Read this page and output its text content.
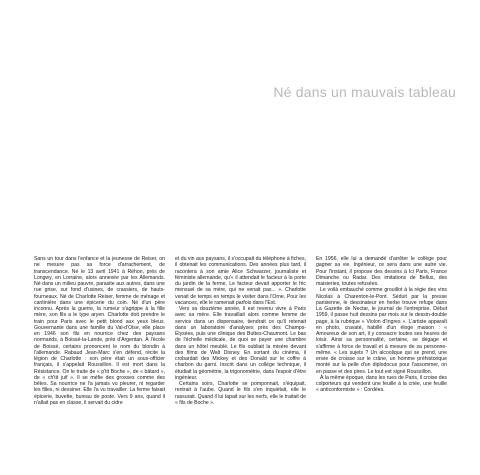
Né dans un mauvais tableau

Sans un tour dans l'enfance et la jeunesse de Reiser, on ne mesure pas sa force d'arrachement, de transcendance. Né le 13 avril 1941 à Réhon, près de Longwy, en Lorraine, alors annexée par les Allemands. Né dans un milieu pauvre, parasite aux autres, dans une rue grise, sur fond d'usines, de crassiers, de hauts-fourneaux. Né de Charlotte Reiser, femme de ménage et cantinière dans une épicerie du coin. Né d'un père inconnu. Après la guerre, la rumeur s'agrippe à la fille mère, son fils a le type aryen. Charlotte doit prendre le train pour Paris avec le petit blond aux yeux bleus. Gouvernante dans une famille du Val-d'Oise, elle place en 1946 son fils en nourrice chez des paysans normands, à Boissé-la-Lande, près d'Argentan. À l'école de Boissé, certains prononcent le nom du blondin à l'allemande. Rabaud Jean-Marc s'en défend, récite la légion de Charlotte : son père était un sous-officier français, il s'appelait Roussillon. Il est mort dans la Résistance. On le traite de « p'tit Boche », de « bâtard », de « ch'tit juif ». Il se méfie des grosses comme des bêtes. Sa nourrice ne l'a jamais vu pleurer, ni regarder les filles, ni dessiner. Elle l'a vu travailler. La ferme faisait épicerie, buvette, bureau de poste. Vers 9 ans, quand il n'allait pas en classe, il servait du cidre

et du vin aux paysans, il s'occupait du téléphone à fiches, il obtenait les communications. Des années plus tard, il racontera à son amie Alice Schwarzer, journaliste et féministe allemande, qu'« il attendait le facteur à la porte du jardin de la ferme. Le facteur devait apporter le fric mensuel de sa mère, qui ne venait pas... ». Charlotte venait de temps en temps le visiter dans l'Orne. Pour les vacances, elle le ramenait parfois dans l'Est.

Vers sa douzième année, il est revenu vivre à Paris avec sa mère. Elle travaillait alors comme femme de service dans un dispensaire, tiendrait ce qu'il retenait dans un laboratoire d'analyses près des Champs-Élysées, puis une clinique des Buttes-Chaumont. Le bas de l'échelle médicale, de quoi se payer une chambre dans un hôtel meublé. Le fils oubliait la misère devant des films de Walt Disney. En sortant du cinéma, il crobardait des Mickey et des Donald sur le coffre à charbon du garni. Inscrit dans un collège technique, il étudiait la géométrie, la trigonométrie, dans l'espoir d'être ingénieur.

Certains soirs, Charlotte se pomponnait, s'équipait, rentrait à l'aube. Quand le fils s'en inquiétait, elle le rassurait. Quand il lui tapait sur les nerfs, elle le traitait de « fils de Boche ».

En 1956, elle lui a demandé d'arrêter le collège pour gagner sa vie. Ingénieur, ce sera dans une autre vie. Pour l'instant, il propose des dessins à Ici Paris, France Dimanche ou Radar. Des imitations de Bellus, des maisieries, toutes refusées.

Le voilà embauché comme grouillot à la régie des vins Nicolas à Charenton-le-Pont. Séduit par la presse parisienne, le dessinateur en herbe trouve refuge dans La Gazette de Nectar, le journal de l'entreprise. Début 1959, il passe huit dessins par mois sur le dessin-double page, à la rubrique « Violon d'Ingres ». L'artiste apparaît en photo, cravaté, habillé d'un éloge maison : « Amoureux de son art, il y consacre toutes ses heures de loisir. Ainsi sa personnalité, certaine, se dégage et s'affirme à force de travail et à mesure de sa personne-même. « Les sujets ? Un alcoolique qui se prend, une envie de croisse sur le crâne, un homme préhistorique monté sur la pelle d'un diplodocus pour l'assommer, on en passe et des pires. Le tout est signé Roussillon.

À la même époque, dans les rues de Paris, il croise des colporteurs qui vendent une feuille à la criée, une feuille « anticonformiste » : Cordées.
